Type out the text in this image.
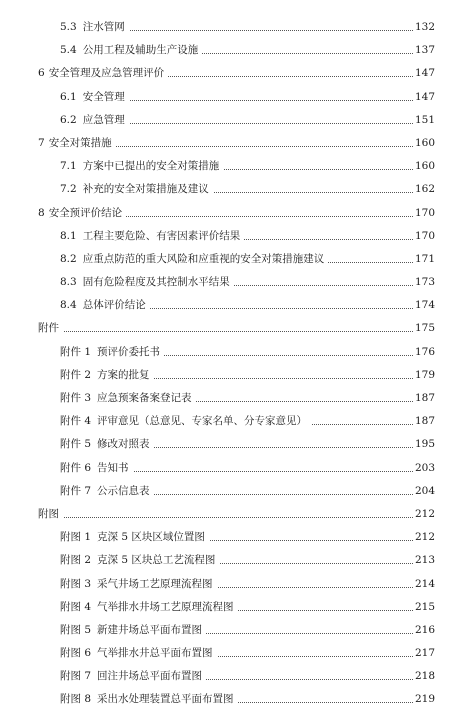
5.3 注水管网	132
5.4 公用工程及辅助生产设施	137
6 安全管理及应急管理评价	147
6.1 安全管理	147
6.2 应急管理	151
7 安全对策措施	160
7.1 方案中已提出的安全对策措施	160
7.2 补充的安全对策措施及建议	162
8 安全预评价结论	170
8.1 工程主要危险、有害因素评价结果	170
8.2 应重点防范的重大风险和应重视的安全对策措施建议	171
8.3 固有危险程度及其控制水平结果	173
8.4 总体评价结论	174
附件	175
附件 1 预评价委托书	176
附件 2 方案的批复	179
附件 3 应急预案备案登记表	187
附件 4 评审意见（总意见、专家名单、分专家意见）	187
附件 5 修改对照表	195
附件 6 告知书	203
附件 7 公示信息表	204
附图	212
附图 1 克深 5 区块区域位置图	212
附图 2 克深 5 区块总工艺流程图	213
附图 3 采气井场工艺原理流程图	214
附图 4 气举排水井场工艺原理流程图	215
附图 5 新建井场总平面布置图	216
附图 6 气举排水井总平面布置图	217
附图 7 回注井场总平面布置图	218
附图 8 采出水处理装置总平面布置图	219
